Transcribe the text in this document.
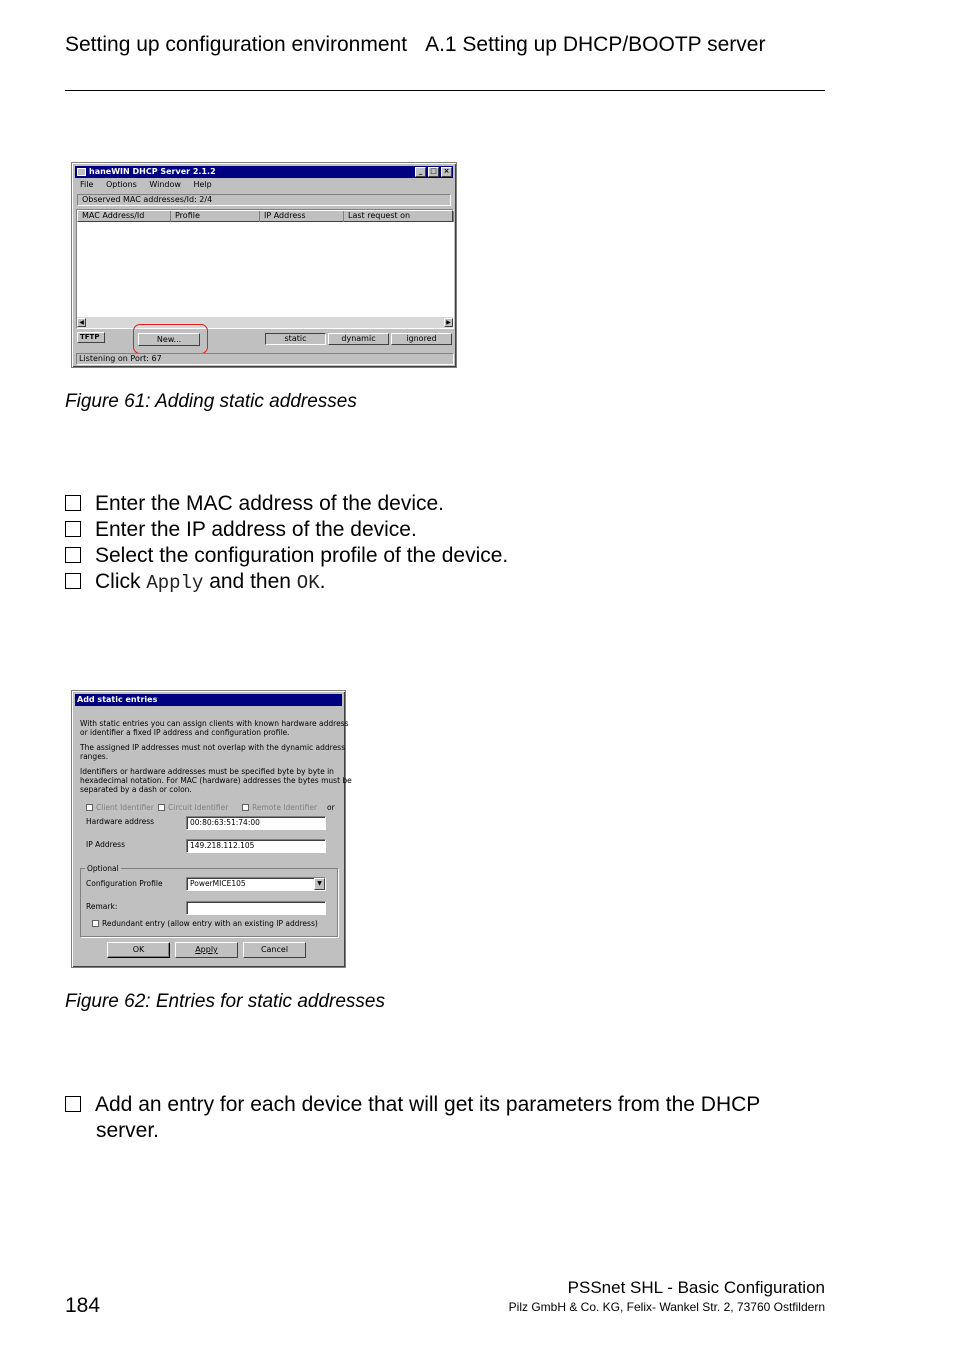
Setting up configuration environment A.1 Setting up DHCP/BOOTP server
haneWIN DHCP Server 2.1.2	_	□ ×
File Options Window Help
Observed MAC addresses/Id: 2/4
MAC Address/Id	Profile	IP Address	Last request on
◀	▶
TFTP	New...	static	dynamic	ignored
Listening on Port: 67
Figure 61: Adding static addresses
Enter the MAC address of the device.
Enter the IP address of the device.
Select the configuration profile of the device.
Click Apply and then OK.
Add static entries
With static entries you can assign clients with known hardware address
or identifier a fixed IP address and configuration profile.
The assigned IP addresses must not overlap with the dynamic address
ranges.
Identifiers or hardware addresses must be specified byte by byte in
hexadecimal notation. For MAC (hardware) addresses the bytes must be
separated by a dash or colon.
Client Identifier	Circuit Identifier	Remote Identifier or
Hardware address	00:80:63:51:74:00
IP Address	149.218.112.105
Optional
Configuration Profile	PowerMICE105	▼
Remark:
Redundant entry (allow entry with an existing IP address)
OK	Apply	Cancel
Figure 62: Entries for static addresses
Add an entry for each device that will get its parameters from the DHCP
server.
184
PSSnet SHL - Basic Configuration
Pilz GmbH & Co. KG, Felix- Wankel Str. 2, 73760 Ostfildern
